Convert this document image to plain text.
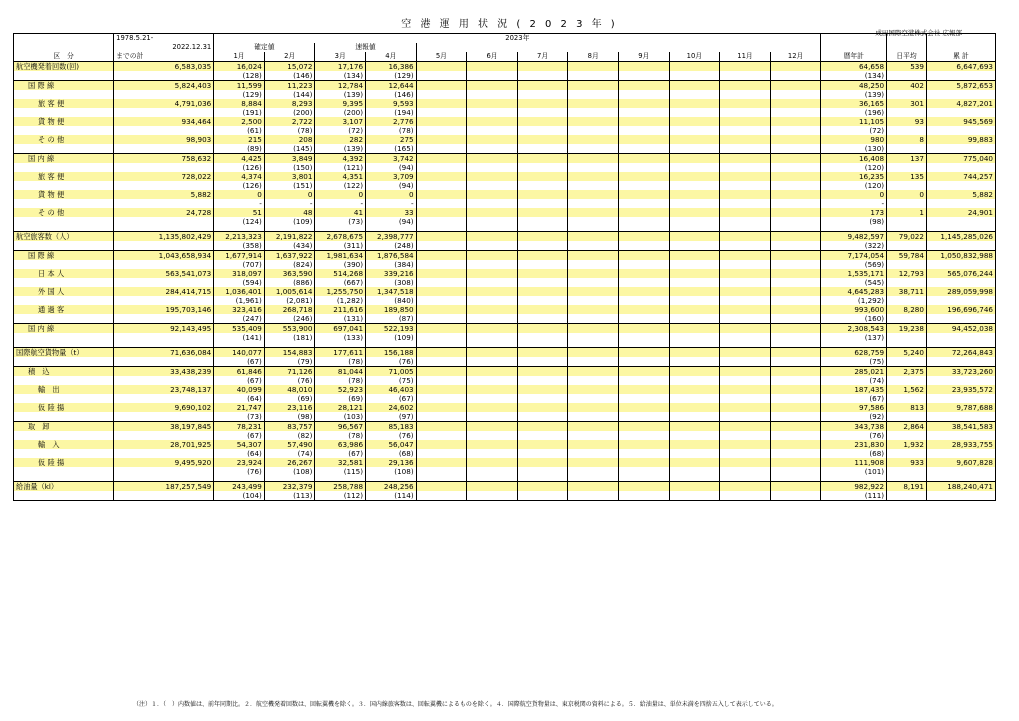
空 港 運 用 状 況 ( 2 0 2 3 年 )
成田国際空港株式会社 広報部
	1978.5.21-	2023年														
	2022.12.31	確定値		速報値												
区　分	までの計	1月	2月	3月	4月	5月	6月	7月	8月	9月	10月	11月	12月	暦年計	日平均	累 計
航空機発着回数(回)	6,583,035	16,024	15,072	17,176	16,386									64,658	539	6,647,693
		(128)	(146)	(134)	(129)									(134)		
国 際 線	5,824,403	11,599	11,223	12,784	12,644									48,250	402	5,872,653
		(129)	(144)	(139)	(146)									(139)		
旅 客 便	4,791,036	8,884	8,293	9,395	9,593									36,165	301	4,827,201
		(191)	(200)	(200)	(194)									(196)		
貨 物 便	934,464	2,500	2,722	3,107	2,776									11,105	93	945,569
		(61)	(78)	(72)	(78)									(72)		
そ の 他	98,903	215	208	282	275									980	8	99,883
		(89)	(145)	(139)	(165)									(130)		
国 内 線	758,632	4,425	3,849	4,392	3,742									16,408	137	775,040
		(126)	(150)	(121)	(94)									(120)		
旅 客 便	728,022	4,374	3,801	4,351	3,709									16,235	135	744,257
		(126)	(151)	(122)	(94)									(120)		
貨 物 便	5,882	0	0	0	0									0	0	5,882
		-	-	-	-									-		
そ の 他	24,728	51	48	41	33									173	1	24,901
		(124)	(109)	(73)	(94)									(98)		

航空旅客数（人）	1,135,802,429	2,213,323	2,191,822	2,678,675	2,398,777									9,482,597	79,022	1,145,285,026
		(358)	(434)	(311)	(248)									(322)		
国 際 線	1,043,658,934	1,677,914	1,637,922	1,981,634	1,876,584									7,174,054	59,784	1,050,832,988
		(707)	(824)	(390)	(384)									(569)		
日 本 人	563,541,073	318,097	363,590	514,268	339,216									1,535,171	12,793	565,076,244
		(594)	(886)	(667)	(308)									(545)		
外 国 人	284,414,715	1,036,401	1,005,614	1,255,750	1,347,518									4,645,283	38,711	289,059,998
		(1,961)	(2,081)	(1,282)	(840)									(1,292)		
通 過 客	195,703,146	323,416	268,718	211,616	189,850									993,600	8,280	196,696,746
		(247)	(246)	(131)	(87)									(160)		
国 内 線	92,143,495	535,409	553,900	697,041	522,193									2,308,543	19,238	94,452,038
		(141)	(181)	(133)	(109)									(137)		

国際航空貨物量（t）	71,636,084	140,077	154,883	177,611	156,188									628,759	5,240	72,264,843
		(67)	(79)	(78)	(76)									(75)		
積　込	33,438,239	61,846	71,126	81,044	71,005									285,021	2,375	33,723,260
		(67)	(76)	(78)	(75)									(74)		
輸　出	23,748,137	40,099	48,010	52,923	46,403									187,435	1,562	23,935,572
		(64)	(69)	(69)	(67)									(67)		
仮 陸 揚	9,690,102	21,747	23,116	28,121	24,602									97,586	813	9,787,688
		(73)	(98)	(103)	(97)									(92)		
取　卸	38,197,845	78,231	83,757	96,567	85,183									343,738	2,864	38,541,583
		(67)	(82)	(78)	(76)									(76)		
輸　入	28,701,925	54,307	57,490	63,986	56,047									231,830	1,932	28,933,755
		(64)	(74)	(67)	(68)									(68)		
仮 陸 揚	9,495,920	23,924	26,267	32,581	29,136									111,908	933	9,607,828
		(76)	(108)	(115)	(108)									(101)		

給油量（kl）	187,257,549	243,499	232,379	258,788	248,256									982,922	8,191	188,240,471
		(104)	(113)	(112)	(114)									(111)		
（注）１．（　）内数値は、前年同期比。２．航空機発着回数は、回転翼機を除く。３．国内線旅客数は、回転翼機によるものを除く。４．国際航空貨物量は、東京税関の資料による。５．給油量は、単位未満を四捨五入して表示している。
